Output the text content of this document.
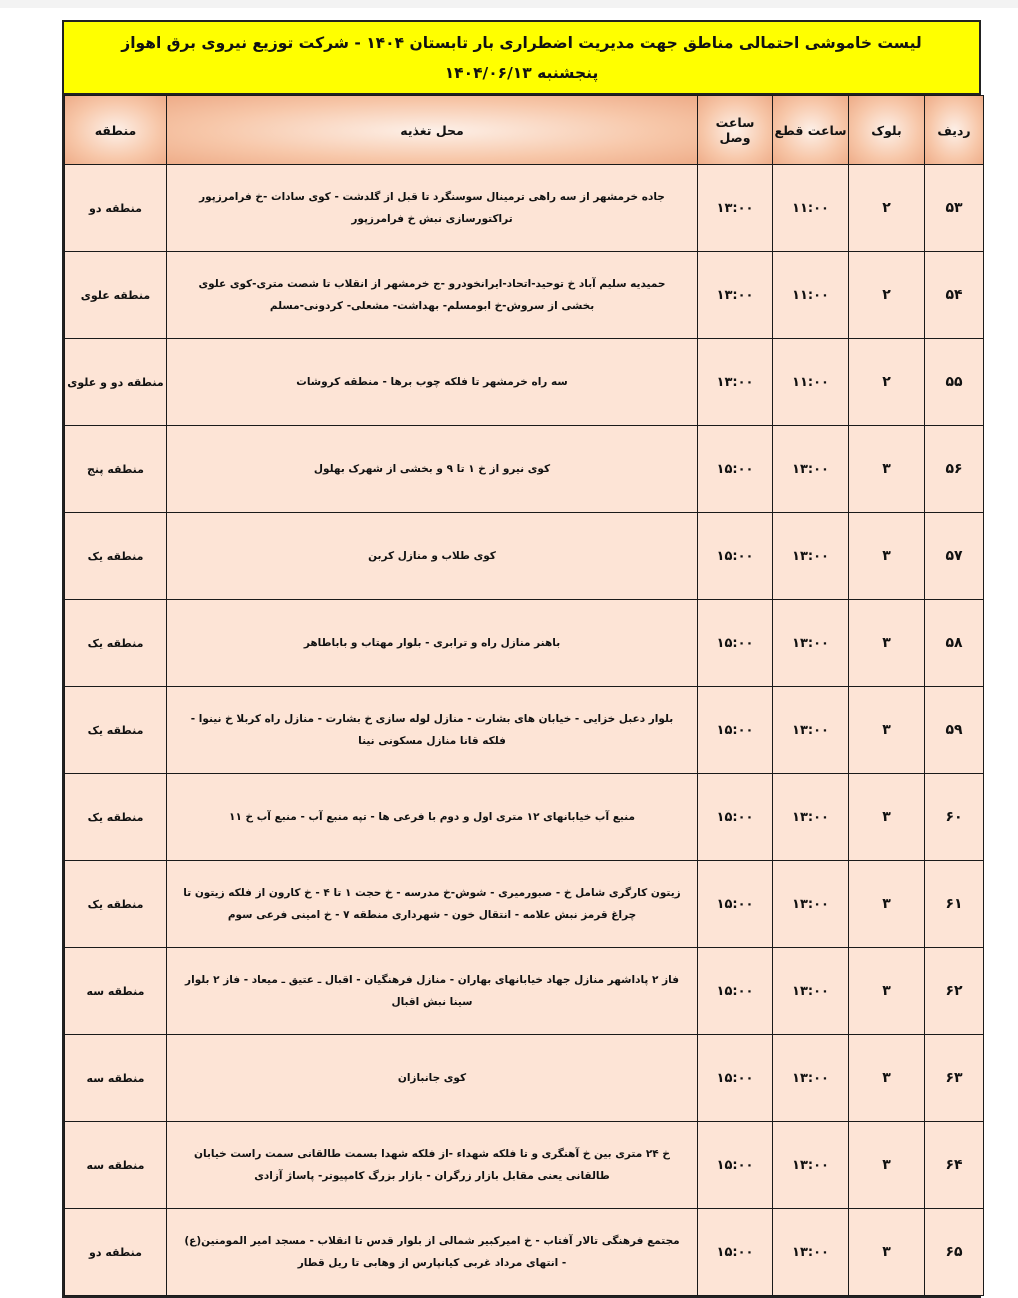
لیست خاموشی احتمالی مناطق جهت مدیریت اضطراری بار تابستان ۱۴۰۴ - شرکت توزیع نیروی برق اهواز
پنجشنبه ۱۴۰۴/۰۶/۱۳
ردیف	بلوک	ساعت قطع	ساعت وصل	محل تغذیه	منطقه
۵۳	۲	۱۱:۰۰	۱۳:۰۰	جاده خرمشهر از سه راهی ترمینال سوسنگرد تا قبل از گلدشت - کوی سادات -خ فرامرزپور تراکتورسازی نبش خ فرامرزپور	منطقه دو
۵۴	۲	۱۱:۰۰	۱۳:۰۰	حمیدیه سلیم آباد خ توحید-اتحاد-ایرانخودرو -ج خرمشهر از انقلاب تا شصت متری-کوی علوی بخشی از سروش-خ ابومسلم- بهداشت- مشعلی- کردونی-مسلم	منطقه علوی
۵۵	۲	۱۱:۰۰	۱۳:۰۰	سه راه خرمشهر تا فلکه چوب برها - منطقه کروشات	منطقه دو و علوی
۵۶	۳	۱۳:۰۰	۱۵:۰۰	کوی نیرو از خ ۱ تا ۹ و بخشی از شهرک بهلول	منطقه پنج
۵۷	۳	۱۳:۰۰	۱۵:۰۰	کوی طلاب و منازل کربن	منطقه یک
۵۸	۳	۱۳:۰۰	۱۵:۰۰	باهنر منازل راه و ترابری - بلوار مهتاب و باباطاهر	منطقه یک
۵۹	۳	۱۳:۰۰	۱۵:۰۰	بلوار دعبل خزایی - خیابان های بشارت - منازل لوله سازی خ بشارت - منازل راه کربلا خ نینوا - فلکه قانا منازل مسکونی نینا	منطقه یک
۶۰	۳	۱۳:۰۰	۱۵:۰۰	منبع آب خیابانهای ۱۲ متری اول و دوم با فرعی ها - تپه منبع آب - منبع آب خ ۱۱	منطقه یک
۶۱	۳	۱۳:۰۰	۱۵:۰۰	زیتون کارگری شامل خ - صبورمیری - شوش-خ مدرسه - خ حجت ۱ تا ۴ - خ کارون از فلکه زیتون تا چراغ قرمز نبش علامه - انتقال خون - شهرداری منطقه ۷ - خ امینی فرعی سوم	منطقه یک
۶۲	۳	۱۳:۰۰	۱۵:۰۰	فاز ۲ پاداشهر منازل جهاد خیابانهای بهاران - منازل فرهنگیان - اقبال ـ عتیق ـ میعاد - فاز ۲ بلوار سینا نبش اقبال	منطقه سه
۶۳	۳	۱۳:۰۰	۱۵:۰۰	کوی جانبازان	منطقه سه
۶۴	۳	۱۳:۰۰	۱۵:۰۰	خ ۲۴ متری بین خ آهنگری و تا فلکه شهداء -از فلکه شهدا بسمت طالقانی سمت راست خیابان طالقانی یعنی مقابل بازار زرگران - بازار بزرگ کامپیوتر- پاساژ آزادی	منطقه سه
۶۵	۳	۱۳:۰۰	۱۵:۰۰	مجتمع فرهنگی تالار آفتاب - خ امیرکبیر شمالی از بلوار قدس تا انقلاب - مسجد امیر المومنین(ع) - انتهای مرداد غربی کیانپارس از وهابی تا ریل قطار	منطقه دو
